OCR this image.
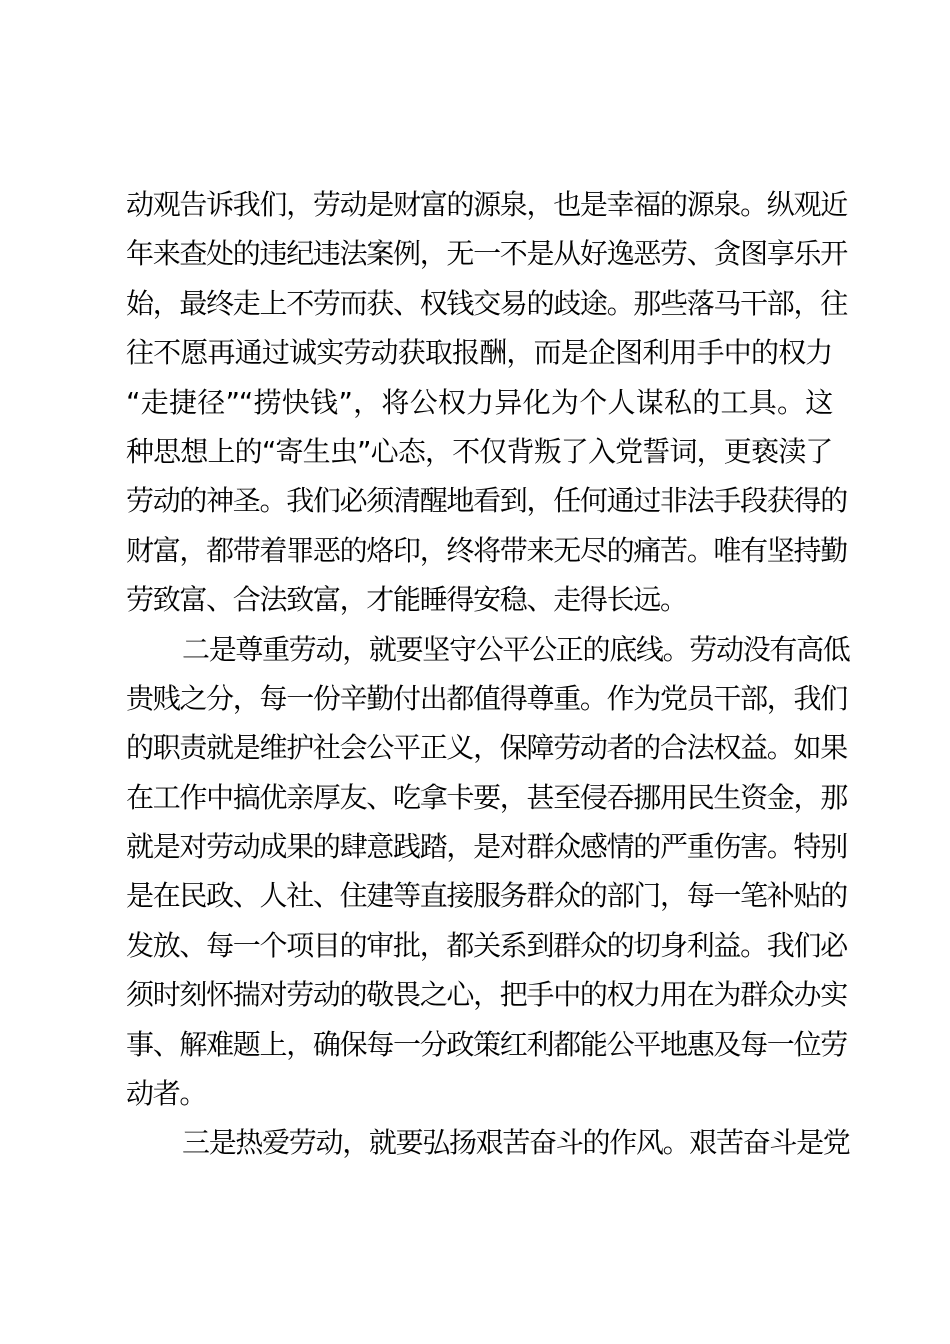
动观告诉我们，劳动是财富的源泉，也是幸福的源泉。纵观近
年来查处的违纪违法案例，无一不是从好逸恶劳、贪图享乐开
始，最终走上不劳而获、权钱交易的歧途。那些落马干部，往
往不愿再通过诚实劳动获取报酬，而是企图利用手中的权力
“走捷径”“捞快钱”，将公权力异化为个人谋私的工具。这
种思想上的“寄生虫”心态，不仅背叛了入党誓词，更亵渎了
劳动的神圣。我们必须清醒地看到，任何通过非法手段获得的
财富，都带着罪恶的烙印，终将带来无尽的痛苦。唯有坚持勤
劳致富、合法致富，才能睡得安稳、走得长远。
二是尊重劳动，就要坚守公平公正的底线。劳动没有高低
贵贱之分，每一份辛勤付出都值得尊重。作为党员干部，我们
的职责就是维护社会公平正义，保障劳动者的合法权益。如果
在工作中搞优亲厚友、吃拿卡要，甚至侵吞挪用民生资金，那
就是对劳动成果的肆意践踏，是对群众感情的严重伤害。特别
是在民政、人社、住建等直接服务群众的部门，每一笔补贴的
发放、每一个项目的审批，都关系到群众的切身利益。我们必
须时刻怀揣对劳动的敬畏之心，把手中的权力用在为群众办实
事、解难题上，确保每一分政策红利都能公平地惠及每一位劳
动者。
三是热爱劳动，就要弘扬艰苦奋斗的作风。艰苦奋斗是党
